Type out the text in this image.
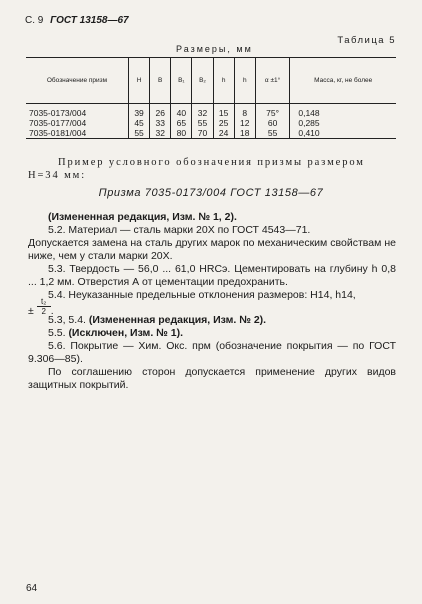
С. 9 ГОСТ 13158—67
Таблица 5
Размеры, мм
Обозначение призм	H	B	B₁	B₂	h	h	α ±1°	Масса, кг, не более
7035-0173/004	39	26	40	32	15	8	75°	0,148
7035-0177/004	45	33	65	55	25	12	60	0,285
7035-0181/004	55	32	80	70	24	18	55	0,410
Пример условного обозначения призмы размером H=34 мм:
Призма 7035-0173/004 ГОСТ 13158—67
(Измененная редакция, Изм. № 1, 2).
5.2. Материал — сталь марки 20Х по ГОСТ 4543—71.
Допускается замена на сталь других марок по механическим свойствам не ниже, чем у стали марки 20Х.
5.3. Твердость — 56,0 ... 61,0 HRCэ. Цементировать на глубину h 0,8 ... 1,2 мм. Отверстия А от цементации предохранить.
5.4. Неуказанные предельные отклонения размеров: H14, h14,
± $\frac{\text{t₂}}{2}$ .
5.3, 5.4. (Измененная редакция, Изм. № 2).
5.5. (Исключен, Изм. № 1).
5.6. Покрытие — Хим. Окс. прм (обозначение покрытия — по ГОСТ 9.306—85).
По соглашению сторон допускается применение других видов защитных покрытий.
64
